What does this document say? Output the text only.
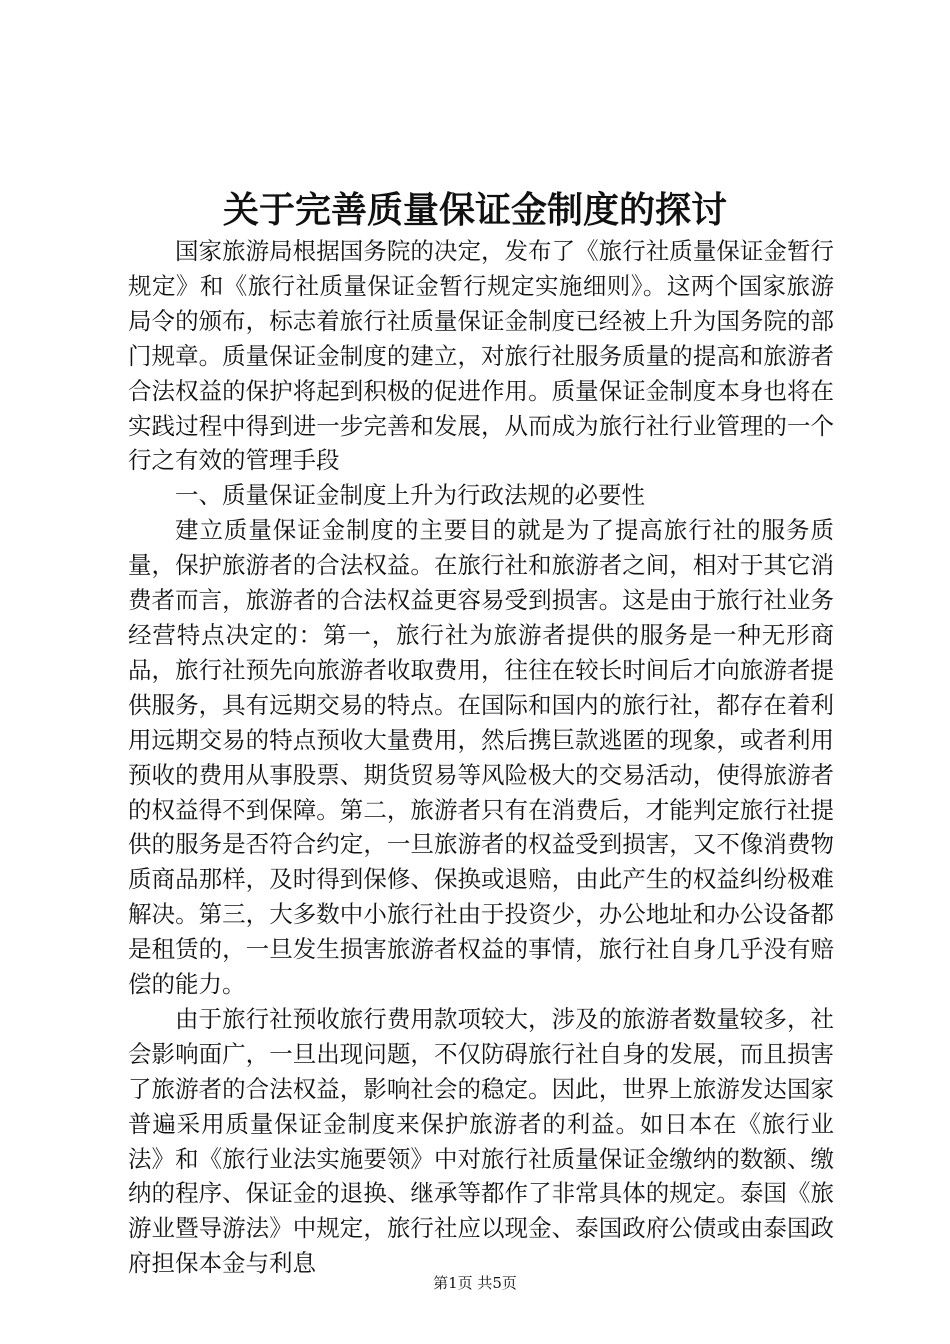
关于完善质量保证金制度的探讨

国家旅游局根据国务院的决定，发布了《旅行社质量保证金暂行规定》和《旅行社质量保证金暂行规定实施细则》。这两个国家旅游局令的颁布，标志着旅行社质量保证金制度已经被上升为国务院的部门规章。质量保证金制度的建立，对旅行社服务质量的提高和旅游者合法权益的保护将起到积极的促进作用。质量保证金制度本身也将在实践过程中得到进一步完善和发展，从而成为旅行社行业管理的一个行之有效的管理手段

一、质量保证金制度上升为行政法规的必要性

建立质量保证金制度的主要目的就是为了提高旅行社的服务质量，保护旅游者的合法权益。在旅行社和旅游者之间，相对于其它消费者而言，旅游者的合法权益更容易受到损害。这是由于旅行社业务经营特点决定的：第一，旅行社为旅游者提供的服务是一种无形商品，旅行社预先向旅游者收取费用，往往在较长时间后才向旅游者提供服务，具有远期交易的特点。在国际和国内的旅行社，都存在着利用远期交易的特点预收大量费用，然后携巨款逃匿的现象，或者利用预收的费用从事股票、期货贸易等风险极大的交易活动，使得旅游者的权益得不到保障。第二，旅游者只有在消费后，才能判定旅行社提供的服务是否符合约定，一旦旅游者的权益受到损害，又不像消费物质商品那样，及时得到保修、保换或退赔，由此产生的权益纠纷极难解决。第三，大多数中小旅行社由于投资少，办公地址和办公设备都是租赁的，一旦发生损害旅游者权益的事情，旅行社自身几乎没有赔偿的能力。

由于旅行社预收旅行费用款项较大，涉及的旅游者数量较多，社会影响面广，一旦出现问题，不仅防碍旅行社自身的发展，而且损害了旅游者的合法权益，影响社会的稳定。因此，世界上旅游发达国家普遍采用质量保证金制度来保护旅游者的利益。如日本在《旅行业法》和《旅行业法实施要领》中对旅行社质量保证金缴纳的数额、缴纳的程序、保证金的退换、继承等都作了非常具体的规定。泰国《旅游业暨导游法》中规定，旅行社应以现金、泰国政府公债或由泰国政府担保本金与利息

第1页 共5页
